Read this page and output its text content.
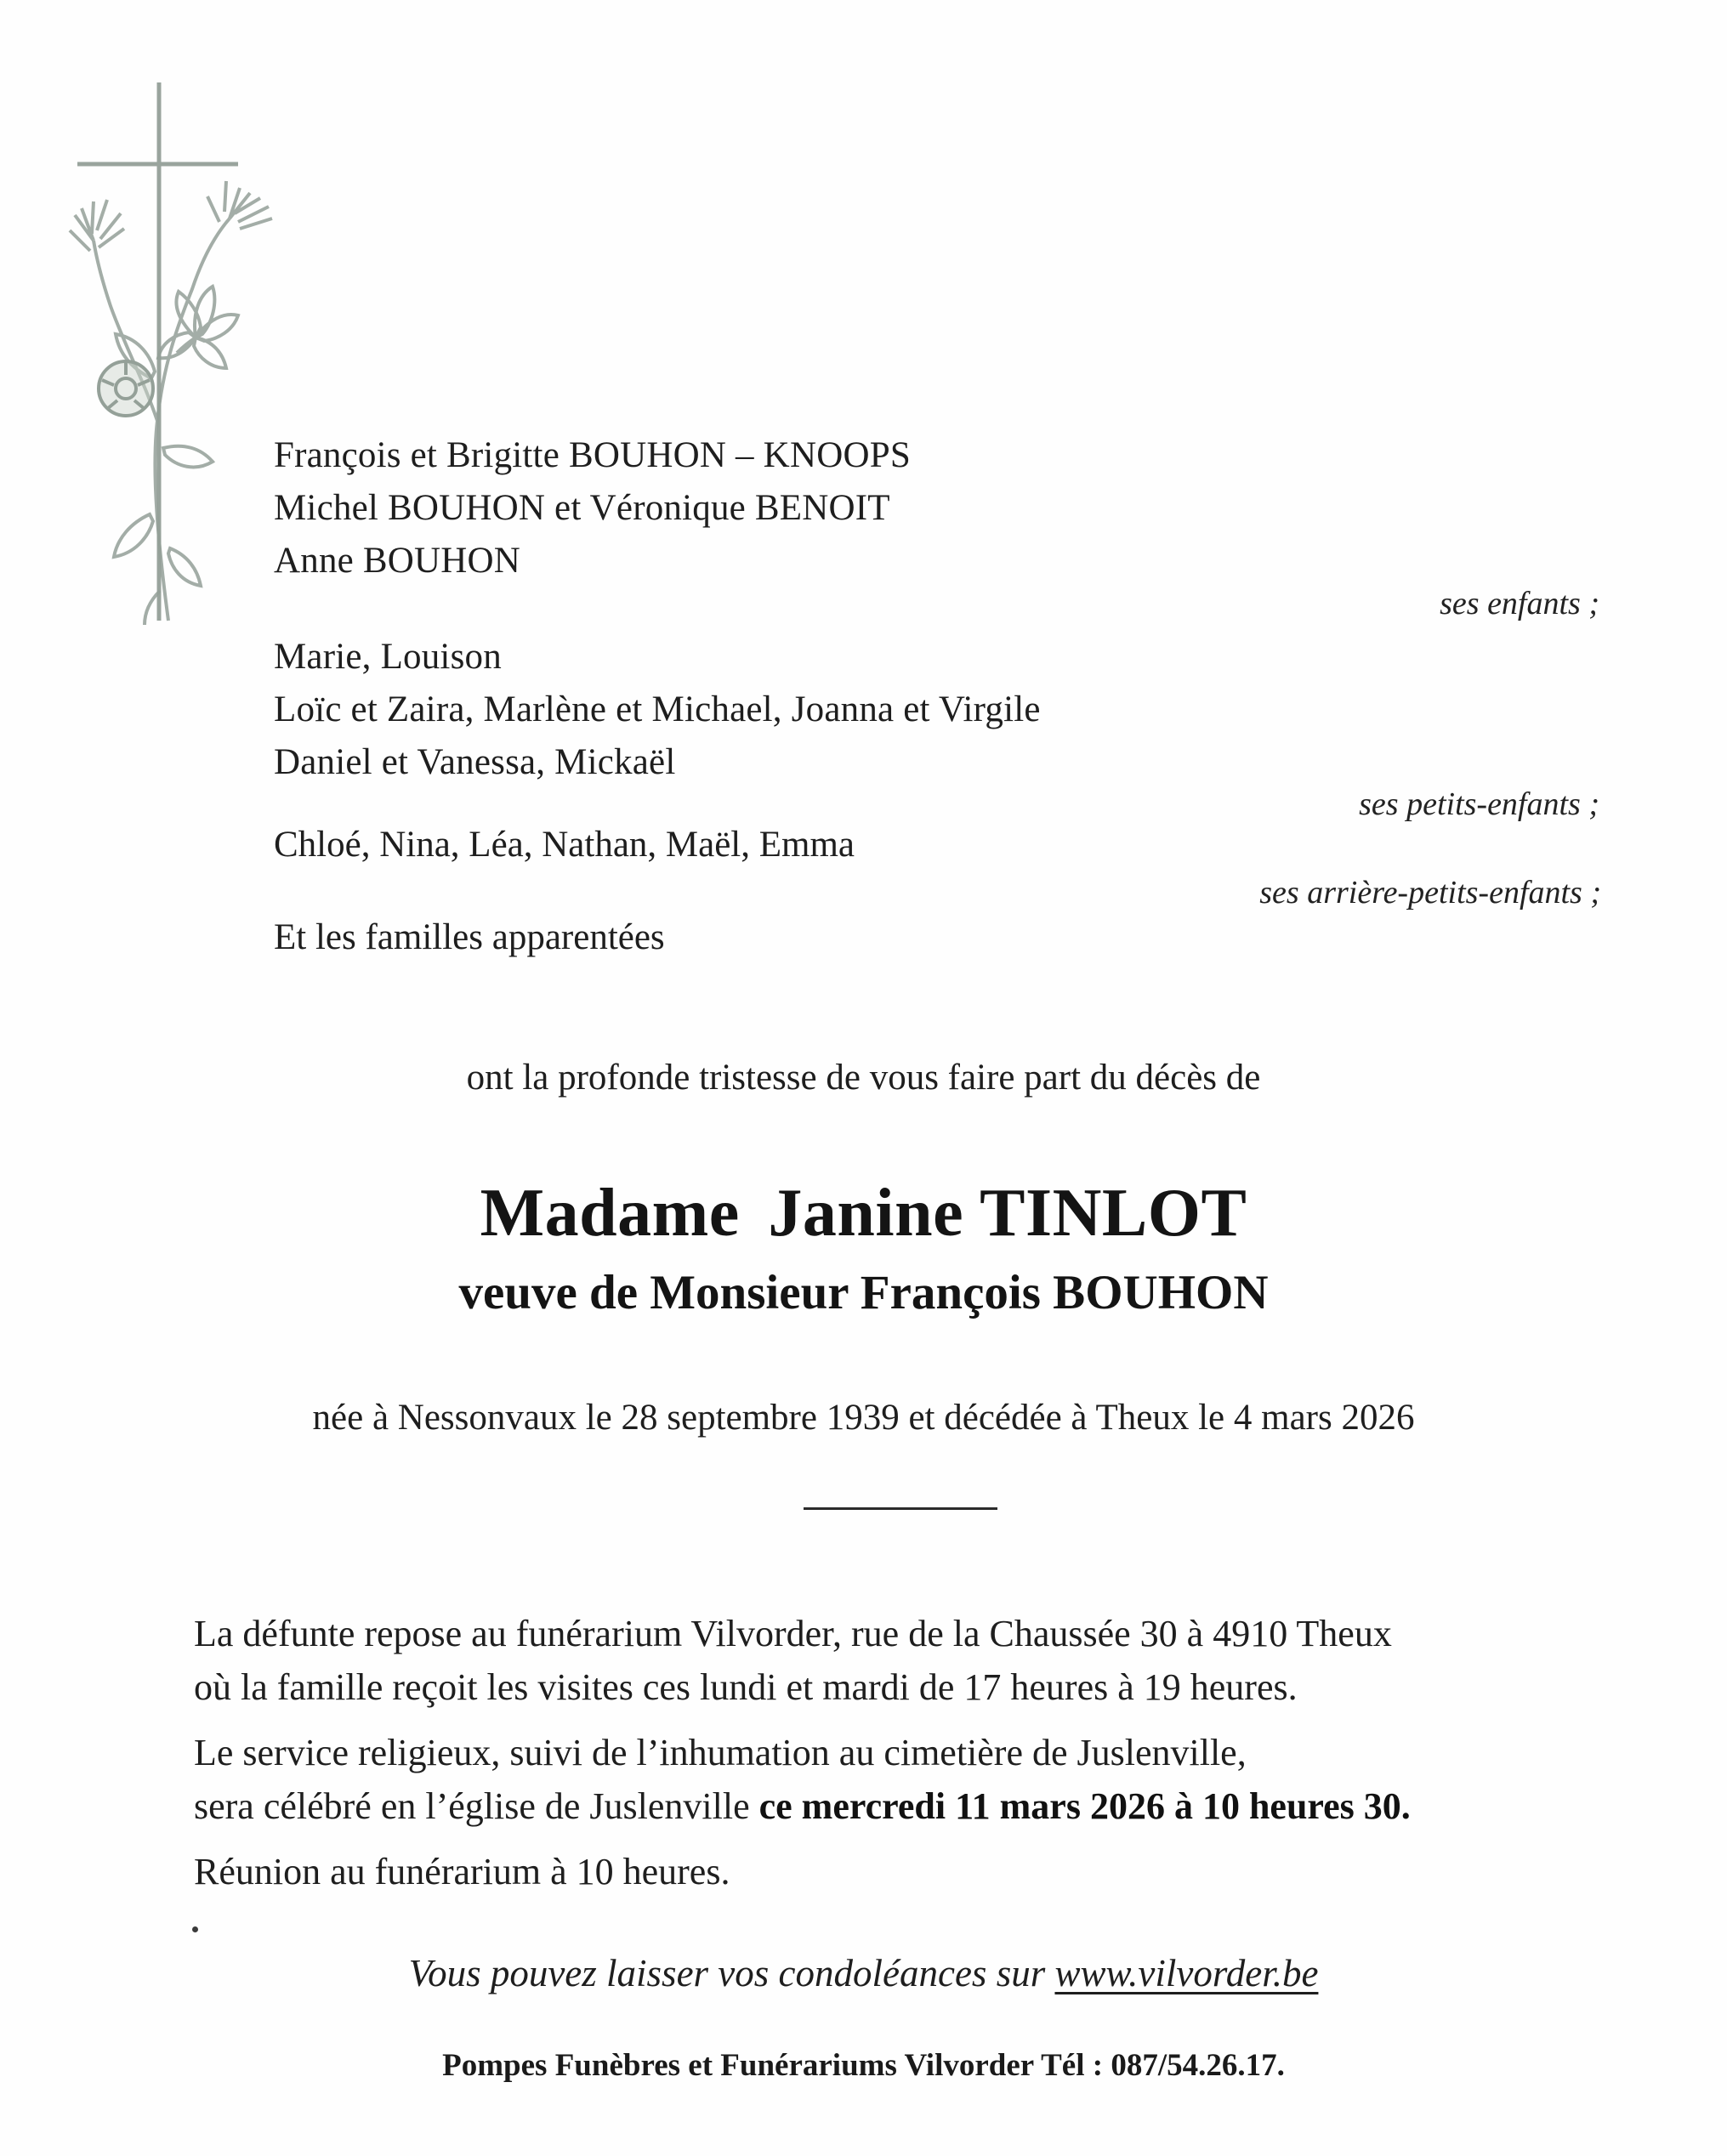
François et Brigitte BOUHON – KNOOPS
Michel BOUHON et Véronique BENOIT
Anne BOUHON
ses enfants ;
Marie, Louison
Loïc et Zaira, Marlène et Michael, Joanna et Virgile
Daniel et Vanessa, Mickaël
ses petits-enfants ;
Chloé, Nina, Léa, Nathan, Maël, Emma
ses arrière-petits-enfants ;
Et les familles apparentées
ont la profonde tristesse de vous faire part du décès de
Madame Janine TINLOT
veuve de Monsieur François BOUHON
née à Nessonvaux le 28 septembre 1939 et décédée à Theux le 4 mars 2026
La défunte repose au funérarium Vilvorder, rue de la Chaussée 30 à 4910 Theux
où la famille reçoit les visites ces lundi et mardi de 17 heures à 19 heures.
Le service religieux, suivi de l’inhumation au cimetière de Juslenville,
sera célébré en l’église de Juslenville ce mercredi 11 mars 2026 à 10 heures 30.
Réunion au funérarium à 10 heures.
Vous pouvez laisser vos condoléances sur www.vilvorder.be
Pompes Funèbres et Funérariums Vilvorder Tél : 087/54.26.17.
